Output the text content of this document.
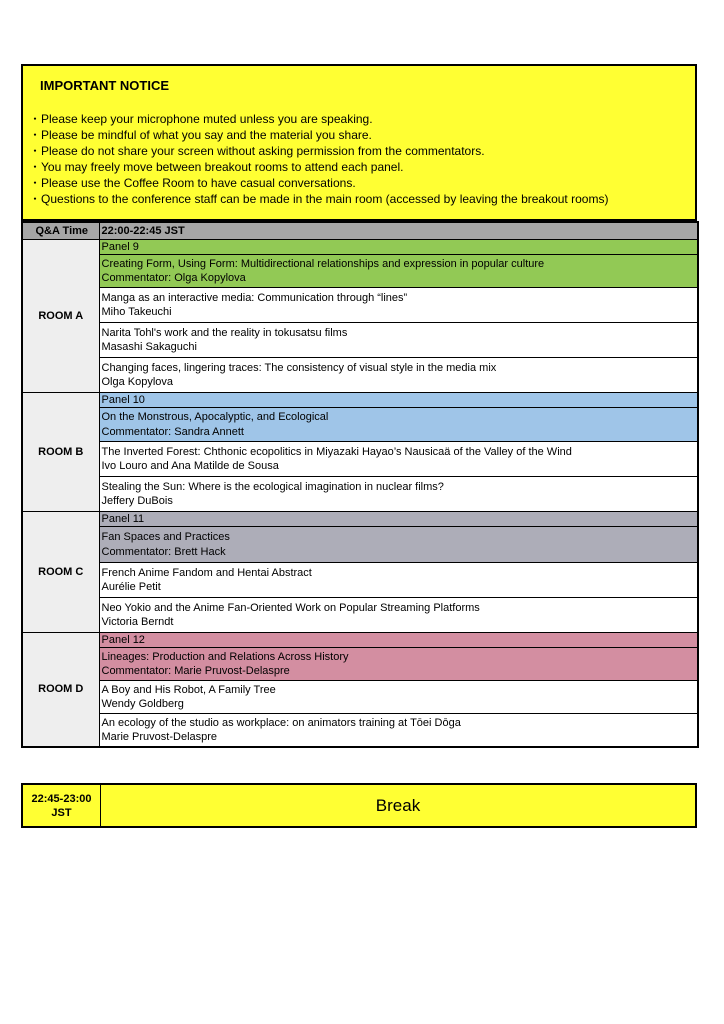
IMPORTANT NOTICE
・ Please keep your microphone muted unless you are speaking.
・ Please be mindful of what you say and the material you share.
・ Please do not share your screen without asking permission from the commentators.
・ You may freely move between breakout rooms to attend each panel.
・ Please use the Coffee Room to have casual conversations.
・ Questions to the conference staff can be made in the main room (accessed by leaving the breakout rooms)
Q&A Time	22:00-22:45 JST
ROOM A	Panel 9

	Creating Form, Using Form: Multidirectional relationships and expression in popular culture
Commentator: Olga Kopylova

	Manga as an interactive media: Communication through “lines”
Miho Takeuchi

	Narita Tohl's work and the reality in tokusatsu films
Masashi Sakaguchi

	Changing faces, lingering traces: The consistency of visual style in the media mix
Olga Kopylova

ROOM B	Panel 10

	On the Monstrous, Apocalyptic, and Ecological
Commentator: Sandra Annett

	The Inverted Forest: Chthonic ecopolitics in Miyazaki Hayao’s Nausicaä of the Valley of the Wind
Ivo Louro and Ana Matilde de Sousa

	Stealing the Sun: Where is the ecological imagination in nuclear films?
Jeffery DuBois

ROOM C	Panel 11

	Fan Spaces and Practices
Commentator: Brett Hack

	French Anime Fandom and Hentai Abstract
Aurélie Petit

	Neo Yokio and the Anime Fan-Oriented Work on Popular Streaming Platforms
Victoria Berndt

ROOM D	Panel 12

	Lineages: Production and Relations Across History
Commentator: Marie Pruvost-Delaspre

	A Boy and His Robot, A Family Tree
Wendy Goldberg

	An ecology of the studio as workplace: on animators training at Tōei Dōga
Marie Pruvost-Delaspre
22:45-23:00
JST	Break
